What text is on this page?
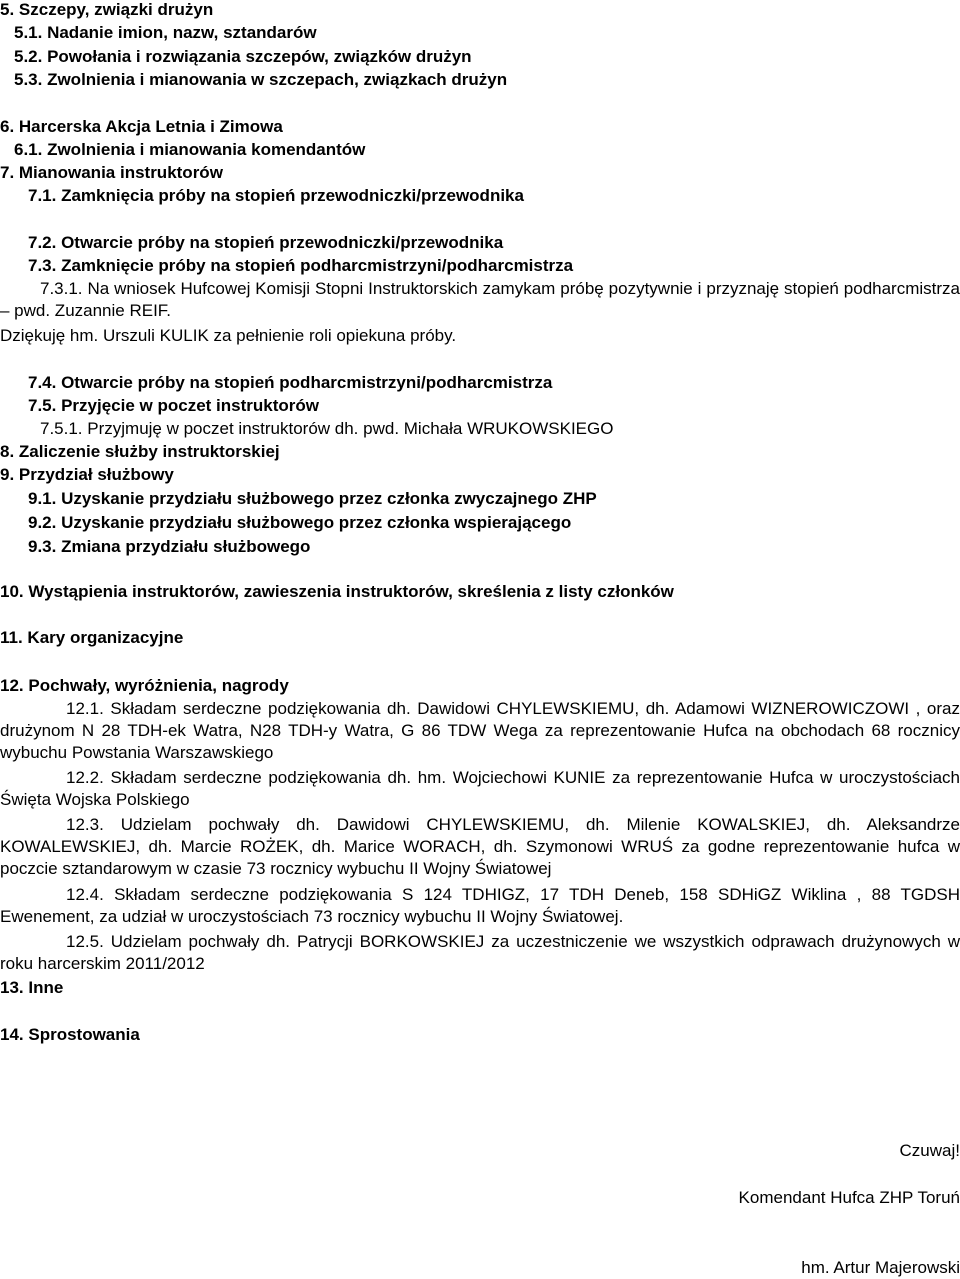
5. Szczepy, związki drużyn
5.1. Nadanie imion, nazw, sztandarów
5.2. Powołania i rozwiązania szczepów, związków drużyn
5.3. Zwolnienia i mianowania w szczepach, związkach drużyn
6. Harcerska Akcja Letnia i Zimowa
6.1. Zwolnienia i mianowania komendantów
7. Mianowania instruktorów
7.1. Zamknięcia próby na stopień przewodniczki/przewodnika
7.2. Otwarcie próby na stopień przewodniczki/przewodnika
7.3. Zamknięcie próby na stopień podharcmistrzyni/podharcmistrza
7.3.1. Na wniosek Hufcowej Komisji Stopni Instruktorskich zamykam próbę pozytywnie i przyznaję stopień podharcmistrza – pwd. Zuzannie REIF.
Dziękuję hm. Urszuli KULIK za pełnienie roli opiekuna próby.
7.4. Otwarcie próby na stopień podharcmistrzyni/podharcmistrza
7.5. Przyjęcie w poczet instruktorów
7.5.1. Przyjmuję w poczet instruktorów dh. pwd. Michała WRUKOWSKIEGO
8. Zaliczenie służby instruktorskiej
9. Przydział służbowy
9.1. Uzyskanie przydziału służbowego przez członka zwyczajnego ZHP
9.2. Uzyskanie przydziału służbowego przez członka wspierającego
9.3. Zmiana przydziału służbowego
10. Wystąpienia instruktorów, zawieszenia instruktorów, skreślenia z listy członków
11. Kary organizacyjne
12. Pochwały, wyróżnienia, nagrody
12.1. Składam serdeczne podziękowania dh. Dawidowi CHYLEWSKIEMU, dh. Adamowi WIZNEROWICZOWI , oraz drużynom N 28 TDH-ek Watra, N28 TDH-y Watra, G 86 TDW Wega za reprezentowanie Hufca na obchodach 68 rocznicy wybuchu Powstania Warszawskiego
12.2. Składam serdeczne podziękowania dh. hm. Wojciechowi KUNIE za reprezentowanie Hufca w uroczystościach Święta Wojska Polskiego
12.3. Udzielam pochwały dh. Dawidowi CHYLEWSKIEMU, dh. Milenie KOWALSKIEJ, dh. Aleksandrze KOWALEWSKIEJ, dh. Marcie ROŻEK, dh. Marice WORACH, dh. Szymonowi WRUŚ za godne reprezentowanie hufca w poczcie sztandarowym w czasie 73 rocznicy wybuchu II Wojny Światowej
12.4. Składam serdeczne podziękowania S 124 TDHIGZ, 17 TDH Deneb, 158 SDHiGZ Wiklina , 88 TGDSH Ewenement, za udział w uroczystościach 73 rocznicy wybuchu II Wojny Światowej.
12.5. Udzielam pochwały dh. Patrycji BORKOWSKIEJ za uczestniczenie we wszystkich odprawach drużynowych w roku harcerskim 2011/2012
13. Inne
14. Sprostowania
Czuwaj!
Komendant Hufca ZHP Toruń
hm. Artur Majerowski
